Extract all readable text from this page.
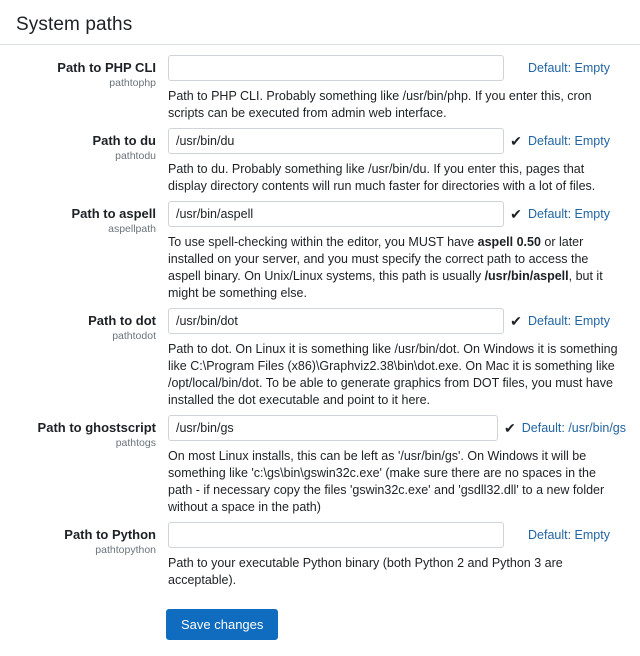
System paths
Path to PHP CLI
pathtophp
Default: Empty

Path to PHP CLI. Probably something like /usr/bin/php. If you enter this, cron scripts can be executed from admin web interface.

Path to du
pathtodu
/usr/bin/du
✔ Default: Empty

Path to du. Probably something like /usr/bin/du. If you enter this, pages that display directory contents will run much faster for directories with a lot of files.

Path to aspell
aspellpath
/usr/bin/aspell
✔ Default: Empty

To use spell-checking within the editor, you MUST have aspell 0.50 or later installed on your server, and you must specify the correct path to access the aspell binary. On Unix/Linux systems, this path is usually /usr/bin/aspell, but it might be something else.

Path to dot
pathtodot
/usr/bin/dot
✔ Default: Empty

Path to dot. On Linux it is something like /usr/bin/dot. On Windows it is something like C:\Program Files (x86)\Graphviz2.38\bin\dot.exe. On Mac it is something like /opt/local/bin/dot. To be able to generate graphics from DOT files, you must have installed the dot executable and point to it here.

Path to ghostscript
pathtogs
/usr/bin/gs
✔ Default: /usr/bin/gs

On most Linux installs, this can be left as '/usr/bin/gs'. On Windows it will be something like 'c:\gs\bin\gswin32c.exe' (make sure there are no spaces in the path - if necessary copy the files 'gswin32c.exe' and 'gsdll32.dll' to a new folder without a space in the path)

Path to Python
pathtopython
Default: Empty

Path to your executable Python binary (both Python 2 and Python 3 are acceptable).

Save changes
